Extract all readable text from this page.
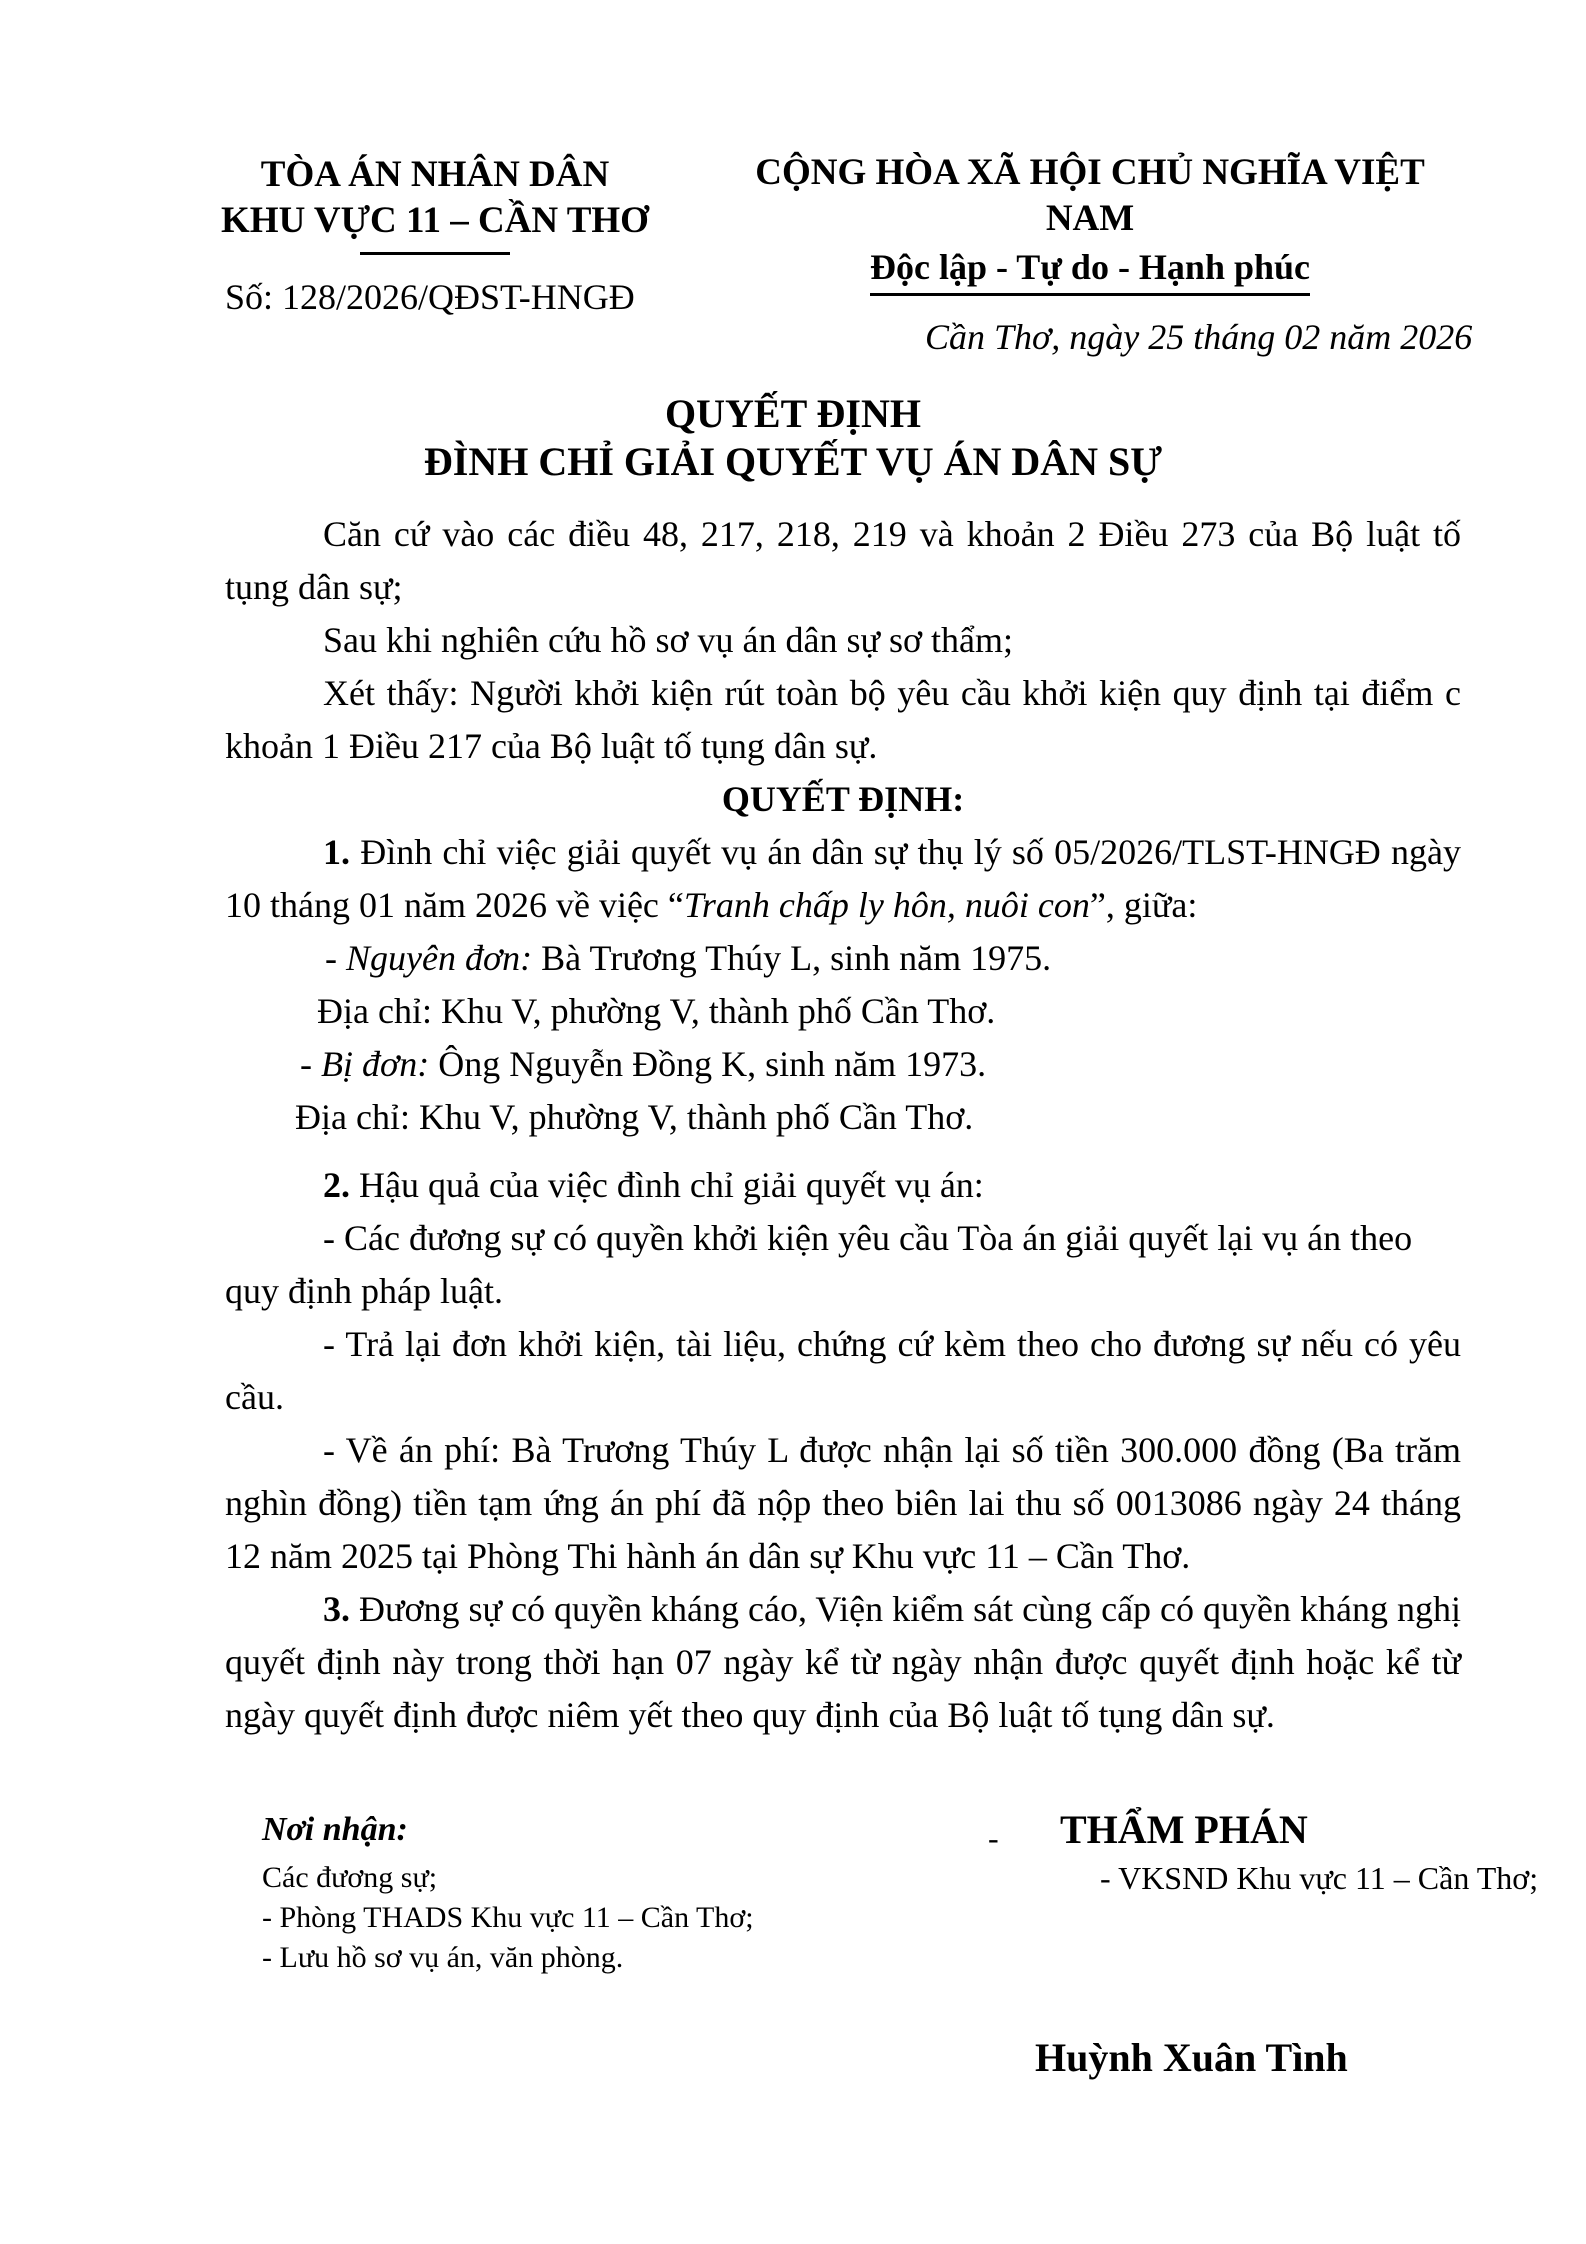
TÒA ÁN NHÂN DÂN
KHU VỰC 11 – CẦN THƠ
CỘNG HÒA XÃ HỘI CHỦ NGHĨA VIỆT NAM
Độc lập - Tự do - Hạnh phúc
Số: 128/2026/QĐST-HNGĐ
Cần Thơ, ngày 25 tháng 02 năm 2026
QUYẾT ĐỊNH
ĐÌNH CHỈ GIẢI QUYẾT VỤ ÁN DÂN SỰ

Căn cứ vào các điều 48, 217, 218, 219 và khoản 2 Điều 273 của Bộ luật tố tụng dân sự;

Sau khi nghiên cứu hồ sơ vụ án dân sự sơ thẩm;

Xét thấy: Người khởi kiện rút toàn bộ yêu cầu khởi kiện quy định tại điểm c khoản 1 Điều 217 của Bộ luật tố tụng dân sự.

QUYẾT ĐỊNH:

1. Đình chỉ việc giải quyết vụ án dân sự thụ lý số 05/2026/TLST-HNGĐ ngày 10 tháng 01 năm 2026 về việc “Tranh chấp ly hôn, nuôi con”, giữa:

- Nguyên đơn: Bà Trương Thúy L, sinh năm 1975.

Địa chỉ: Khu V, phường V, thành phố Cần Thơ.

- Bị đơn: Ông Nguyễn Đồng K, sinh năm 1973.

Địa chỉ: Khu V, phường V, thành phố Cần Thơ.

2. Hậu quả của việc đình chỉ giải quyết vụ án:

- Các đương sự có quyền khởi kiện yêu cầu Tòa án giải quyết lại vụ án theo quy định pháp luật.

- Trả lại đơn khởi kiện, tài liệu, chứng cứ kèm theo cho đương sự nếu có yêu cầu.

- Về án phí: Bà Trương Thúy L được nhận lại số tiền 300.000 đồng (Ba trăm nghìn đồng) tiền tạm ứng án phí đã nộp theo biên lai thu số 0013086 ngày 24 tháng 12 năm 2025 tại Phòng Thi hành án dân sự Khu vực 11 – Cần Thơ.

3. Đương sự có quyền kháng cáo, Viện kiểm sát cùng cấp có quyền kháng nghị quyết định này trong thời hạn 07 ngày kể từ ngày nhận được quyết định hoặc kể từ ngày quyết định được niêm yết theo quy định của Bộ luật tố tụng dân sự.

Nơi nhận:
Các đương sự;
- Phòng THADS Khu vực 11 – Cần Thơ;
- Lưu hồ sơ vụ án, văn phòng.
- THẨM PHÁN
- VKSND Khu vực 11 – Cần Thơ;
Huỳnh Xuân Tình
